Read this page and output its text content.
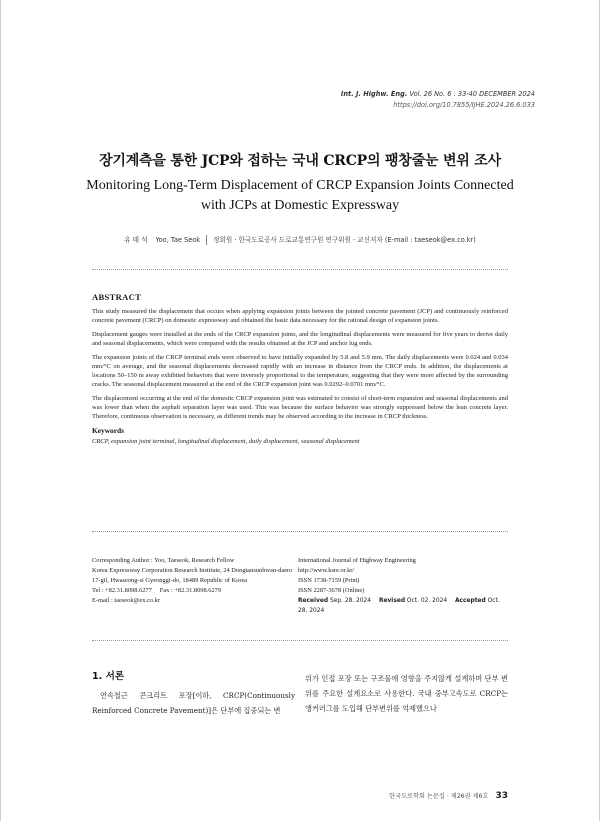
Int. J. Highw. Eng. Vol. 26 No. 6 : 33-40 DECEMBER 2024
https://doi.org/10.7855/IJHE.2024.26.6.033
장기계측을 통한 JCP와 접하는 국내 CRCP의 팽창줄눈 변위 조사
Monitoring Long-Term Displacement of CRCP Expansion Joints Connected with JCPs at Domestic Expressway
유 태 석 Yoo, Tae Seok 정회원 · 한국도로공사 도로교통연구원 연구위원 · 교신저자 (E-mail : taeseok@ex.co.kr)
ABSTRACT

This study measured the displacement that occurs when applying expansion joints between the jointed concrete pavement (JCP) and continuously reinforced concrete pavement (CRCP) on domestic expressway and obtained the basic data necessary for the rational design of expansion joints.

Displacement gauges were installed at the ends of the CRCP expansion joints, and the longitudinal displacements were measured for five years to derive daily and seasonal displacements, which were compared with the results obtained at the JCP and anchor lug ends.

The expansion joints of the CRCP terminal ends were observed to have initially expanded by 5.8 and 5.9 mm. The daily displacements were 0.024 and 0.034 mm/°C on average, and the seasonal displacements decreased rapidly with an increase in distance from the CRCP ends. In addition, the displacements at locations 50–150 m away exhibited behaviors that were inversely proportional to the temperature, suggesting that they were more affected by the surrounding cracks. The seasonal displacement measured at the end of the CRCP expansion joint was 0.0292–0.0701 mm/°C.

The displacement occurring at the end of the domestic CRCP expansion joint was estimated to consist of short-term expansion and seasonal displacements and was lower than when the asphalt separation layer was used. This was because the surface behavior was strongly suppressed below the lean concrete layer. Therefore, continuous observation is necessary, as different trends may be observed according to the increase in CRCP thickness.

Keywords
CRCP, expansion joint terminal, longitudinal displacement, daily displacement, seasonal displacement
Corresponding Author : Yoo, Taeseok, Research Fellow
Korea Expressway Corporation Research Institute, 24 Dongtansunhwan-daero 17-gil, Hwaseong-si Gyeonggi-do, 18489 Republic of Korea
Tel : +82.31.8098.6277     Fax : +82.31.8098.6279
E-mail : taeseok@ex.co.kr
International Journal of Highway Engineering
http://www.ksre.or.kr/
ISSN 1738-7159 (Print)
ISSN 2287-3678 (Online)
Received Sep. 28. 2024 Revised Oct. 02. 2024 Accepted Oct. 28. 2024
1. 서론

연속철근 콘크리트 포장[이하, CRCP(Continuously Reinforced Concrete Pavement)]은 단부에 집중되는 변

위가 인접 포장 또는 구조물에 영향을 주지않게 설계하며 단부 변위를 주요한 설계요소로 사용한다. 국내 중부고속도로 CRCP는 앵커러그를 도입해 단부변위를 억제했으나

한국도로학회 논문집 · 제26권 제6호 33
